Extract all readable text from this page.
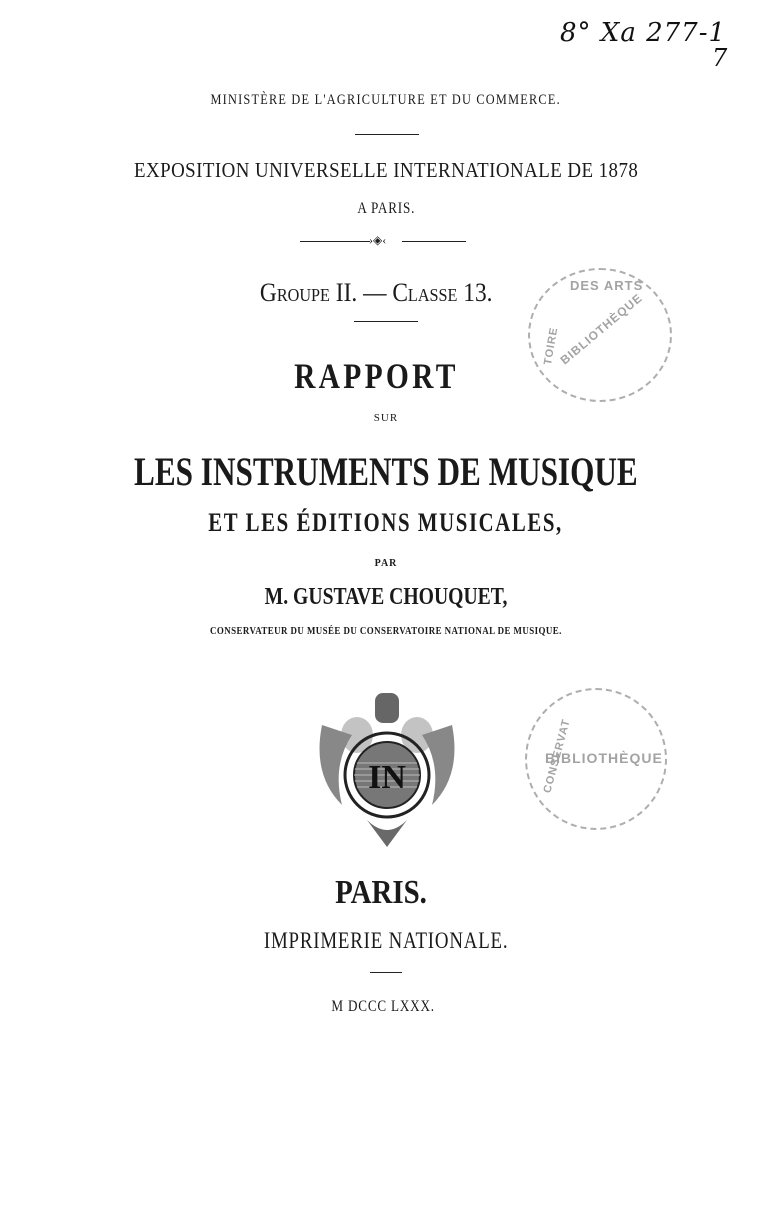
8° Xa 277-1
7
MINISTÈRE DE L'AGRICULTURE ET DU COMMERCE.
EXPOSITION UNIVERSELLE INTERNATIONALE DE 1878
A PARIS.
›◈‹
Groupe II. — Classe 13.
RAPPORT
SUR
LES INSTRUMENTS DE MUSIQUE
ET LES ÉDITIONS MUSICALES,
PAR
M. GUSTAVE CHOUQUET,
CONSERVATEUR DU MUSÉE DU CONSERVATOIRE NATIONAL DE MUSIQUE.
DES ARTS
BIBLIOTHÈQUE
TOIRE
IN
BIBLIOTHÈQUE
CONSERVAT
PARIS.
IMPRIMERIE NATIONALE.
M DCCC LXXX.
